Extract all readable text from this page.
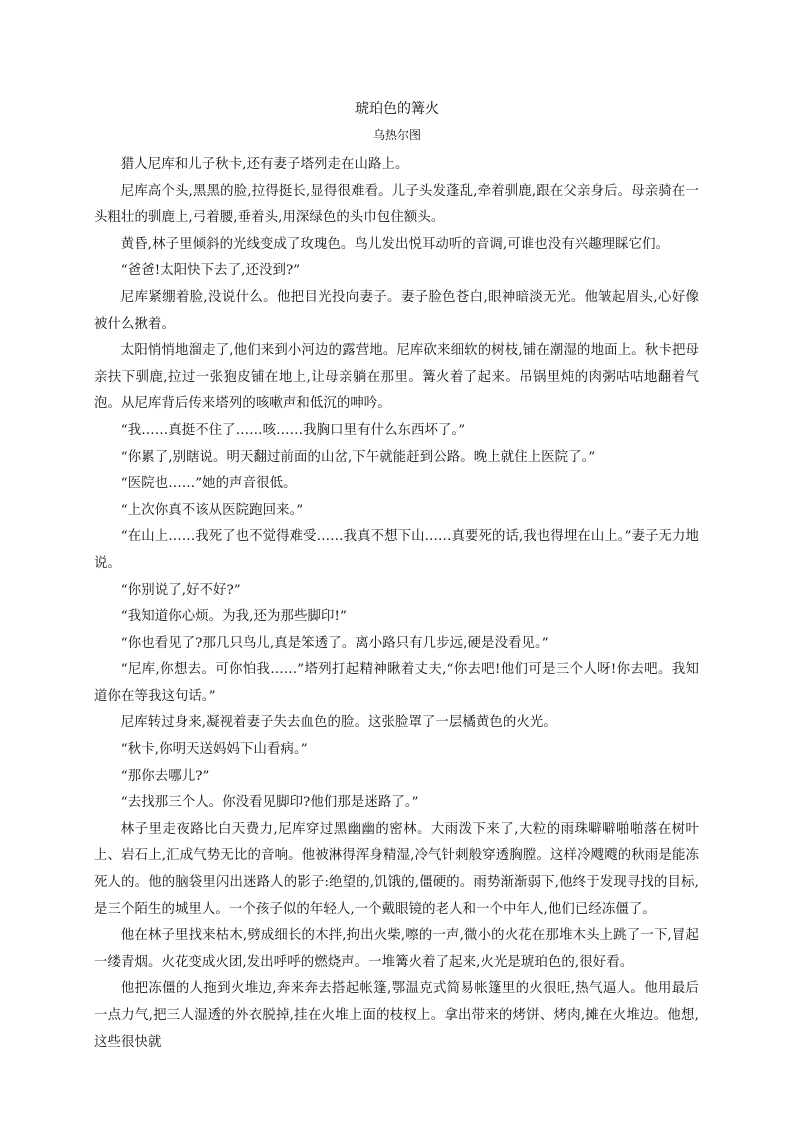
琥珀色的篝火
乌热尔图

猎人尼库和儿子秋卡,还有妻子塔列走在山路上。

尼库高个头,黑黑的脸,拉得挺长,显得很难看。儿子头发蓬乱,牵着驯鹿,跟在父亲身后。母亲骑在一头粗壮的驯鹿上,弓着腰,垂着头,用深绿色的头巾包住额头。

黄昏,林子里倾斜的光线变成了玫瑰色。鸟儿发出悦耳动听的音调,可谁也没有兴趣理睬它们。

“爸爸!太阳快下去了,还没到?”

尼库紧绷着脸,没说什么。他把目光投向妻子。妻子脸色苍白,眼神暗淡无光。他皱起眉头,心好像被什么揪着。

太阳悄悄地溜走了,他们来到小河边的露营地。尼库砍来细软的树枝,铺在潮湿的地面上。秋卡把母亲扶下驯鹿,拉过一张狍皮铺在地上,让母亲躺在那里。篝火着了起来。吊锅里炖的肉粥咕咕地翻着气泡。从尼库背后传来塔列的咳嗽声和低沉的呻吟。

“我……真挺不住了……咳……我胸口里有什么东西坏了。”

“你累了,别瞎说。明天翻过前面的山岔,下午就能赶到公路。晚上就住上医院了。”

“医院也……”她的声音很低。

“上次你真不该从医院跑回来。”

“在山上……我死了也不觉得难受……我真不想下山……真要死的话,我也得埋在山上。”妻子无力地说。

“你别说了,好不好?”

“我知道你心烦。为我,还为那些脚印!”

“你也看见了?那几只鸟儿,真是笨透了。离小路只有几步远,硬是没看见。”

“尼库,你想去。可你怕我……”塔列打起精神瞅着丈夫,“你去吧!他们可是三个人呀!你去吧。我知道你在等我这句话。”

尼库转过身来,凝视着妻子失去血色的脸。这张脸罩了一层橘黄色的火光。

“秋卡,你明天送妈妈下山看病。”

“那你去哪儿?”

“去找那三个人。你没看见脚印?他们那是迷路了。”

林子里走夜路比白天费力,尼库穿过黑幽幽的密林。大雨泼下来了,大粒的雨珠噼噼啪啪落在树叶上、岩石上,汇成气势无比的音响。他被淋得浑身精湿,冷气针刺般穿透胸膛。这样冷飕飕的秋雨是能冻死人的。他的脑袋里闪出迷路人的影子:绝望的,饥饿的,僵硬的。雨势渐渐弱下,他终于发现寻找的目标,是三个陌生的城里人。一个孩子似的年轻人,一个戴眼镜的老人和一个中年人,他们已经冻僵了。

他在林子里找来枯木,劈成细长的木拌,拘出火柴,嚓的一声,微小的火花在那堆木头上跳了一下,冒起一缕青烟。火花变成火团,发出呼呼的燃烧声。一堆篝火着了起来,火光是琥珀色的,很好看。

他把冻僵的人拖到火堆边,奔来奔去搭起帐篷,鄂温克式简易帐篷里的火很旺,热气逼人。他用最后一点力气,把三人湿透的外衣脱掉,挂在火堆上面的枝杈上。拿出带来的烤饼、烤肉,摊在火堆边。他想,这些很快就
